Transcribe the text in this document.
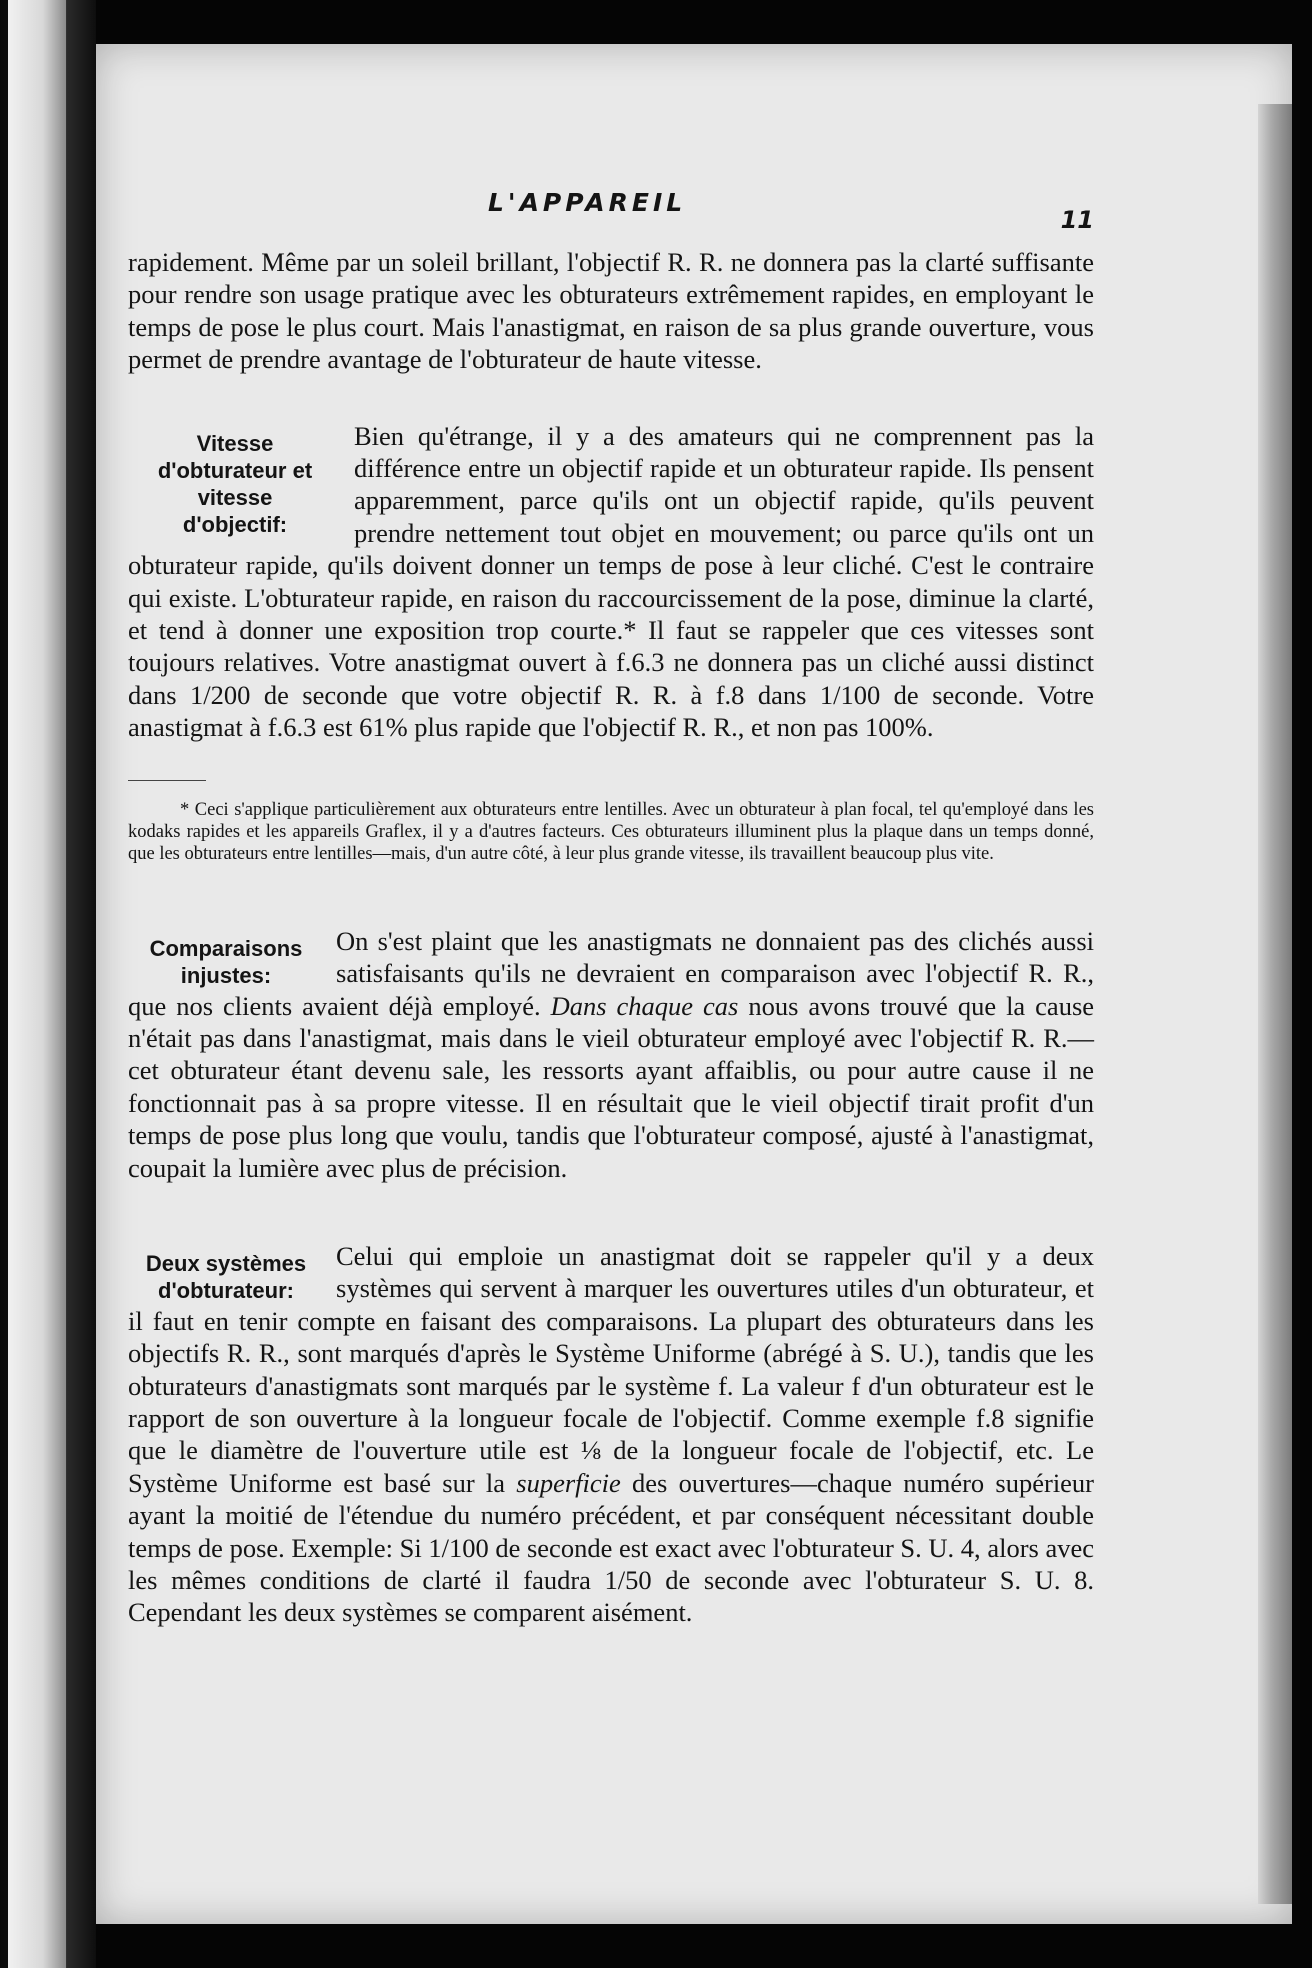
L'APPAREIL
11

rapidement. Même par un soleil brillant, l'objectif R. R. ne donnera pas la clarté suffisante pour rendre son usage pratique avec les obturateurs extrêmement rapides, en employant le temps de pose le plus court. Mais l'anastigmat, en raison de sa plus grande ouverture, vous permet de prendre avantage de l'obturateur de haute vitesse.

Vitesse
d'obturateur et
vitesse
d'objectif:

Bien qu'étrange, il y a des amateurs qui ne comprennent pas la différence entre un objectif rapide et un obturateur rapide. Ils pensent apparemment, parce qu'ils ont un objectif rapide, qu'ils peuvent prendre nettement tout objet en mouvement; ou parce qu'ils ont un obturateur rapide, qu'ils doivent donner un temps de pose à leur cliché. C'est le contraire qui existe. L'obturateur rapide, en raison du raccourcissement de la pose, diminue la clarté, et tend à donner une exposition trop courte.* Il faut se rappeler que ces vitesses sont toujours relatives. Votre anastigmat ouvert à f.6.3 ne donnera pas un cliché aussi distinct dans 1/200 de seconde que votre objectif R. R. à f.8 dans 1/100 de seconde. Votre anastigmat à f.6.3 est 61% plus rapide que l'objectif R. R., et non pas 100%.

* Ceci s'applique particulièrement aux obturateurs entre lentilles. Avec un obturateur à plan focal, tel qu'employé dans les kodaks rapides et les appareils Graflex, il y a d'autres facteurs. Ces obturateurs illuminent plus la plaque dans un temps donné, que les obturateurs entre lentilles—mais, d'un autre côté, à leur plus grande vitesse, ils travaillent beaucoup plus vite.
Comparaisons
injustes:

On s'est plaint que les anastigmats ne donnaient pas des clichés aussi satisfaisants qu'ils ne devraient en comparaison avec l'objectif R. R., que nos clients avaient déjà employé. Dans chaque cas nous avons trouvé que la cause n'était pas dans l'anastigmat, mais dans le vieil obturateur employé avec l'objectif R. R.—cet obturateur étant devenu sale, les ressorts ayant affaiblis, ou pour autre cause il ne fonctionnait pas à sa propre vitesse. Il en résultait que le vieil objectif tirait profit d'un temps de pose plus long que voulu, tandis que l'obturateur composé, ajusté à l'anastigmat, coupait la lumière avec plus de précision.

Deux systèmes
d'obturateur:

Celui qui emploie un anastigmat doit se rappeler qu'il y a deux systèmes qui servent à marquer les ouvertures utiles d'un obturateur, et il faut en tenir compte en faisant des comparaisons. La plupart des obturateurs dans les objectifs R. R., sont marqués d'après le Système Uniforme (abrégé à S. U.), tandis que les obturateurs d'anastigmats sont marqués par le système f. La valeur f d'un obturateur est le rapport de son ouverture à la longueur focale de l'objectif. Comme exemple f.8 signifie que le diamètre de l'ouverture utile est ⅛ de la longueur focale de l'objectif, etc. Le Système Uniforme est basé sur la superficie des ouvertures—chaque numéro supérieur ayant la moitié de l'étendue du numéro précédent, et par conséquent nécessitant double temps de pose. Exemple: Si 1/100 de seconde est exact avec l'obturateur S. U. 4, alors avec les mêmes conditions de clarté il faudra 1/50 de seconde avec l'obturateur S. U. 8. Cependant les deux systèmes se comparent aisément.
